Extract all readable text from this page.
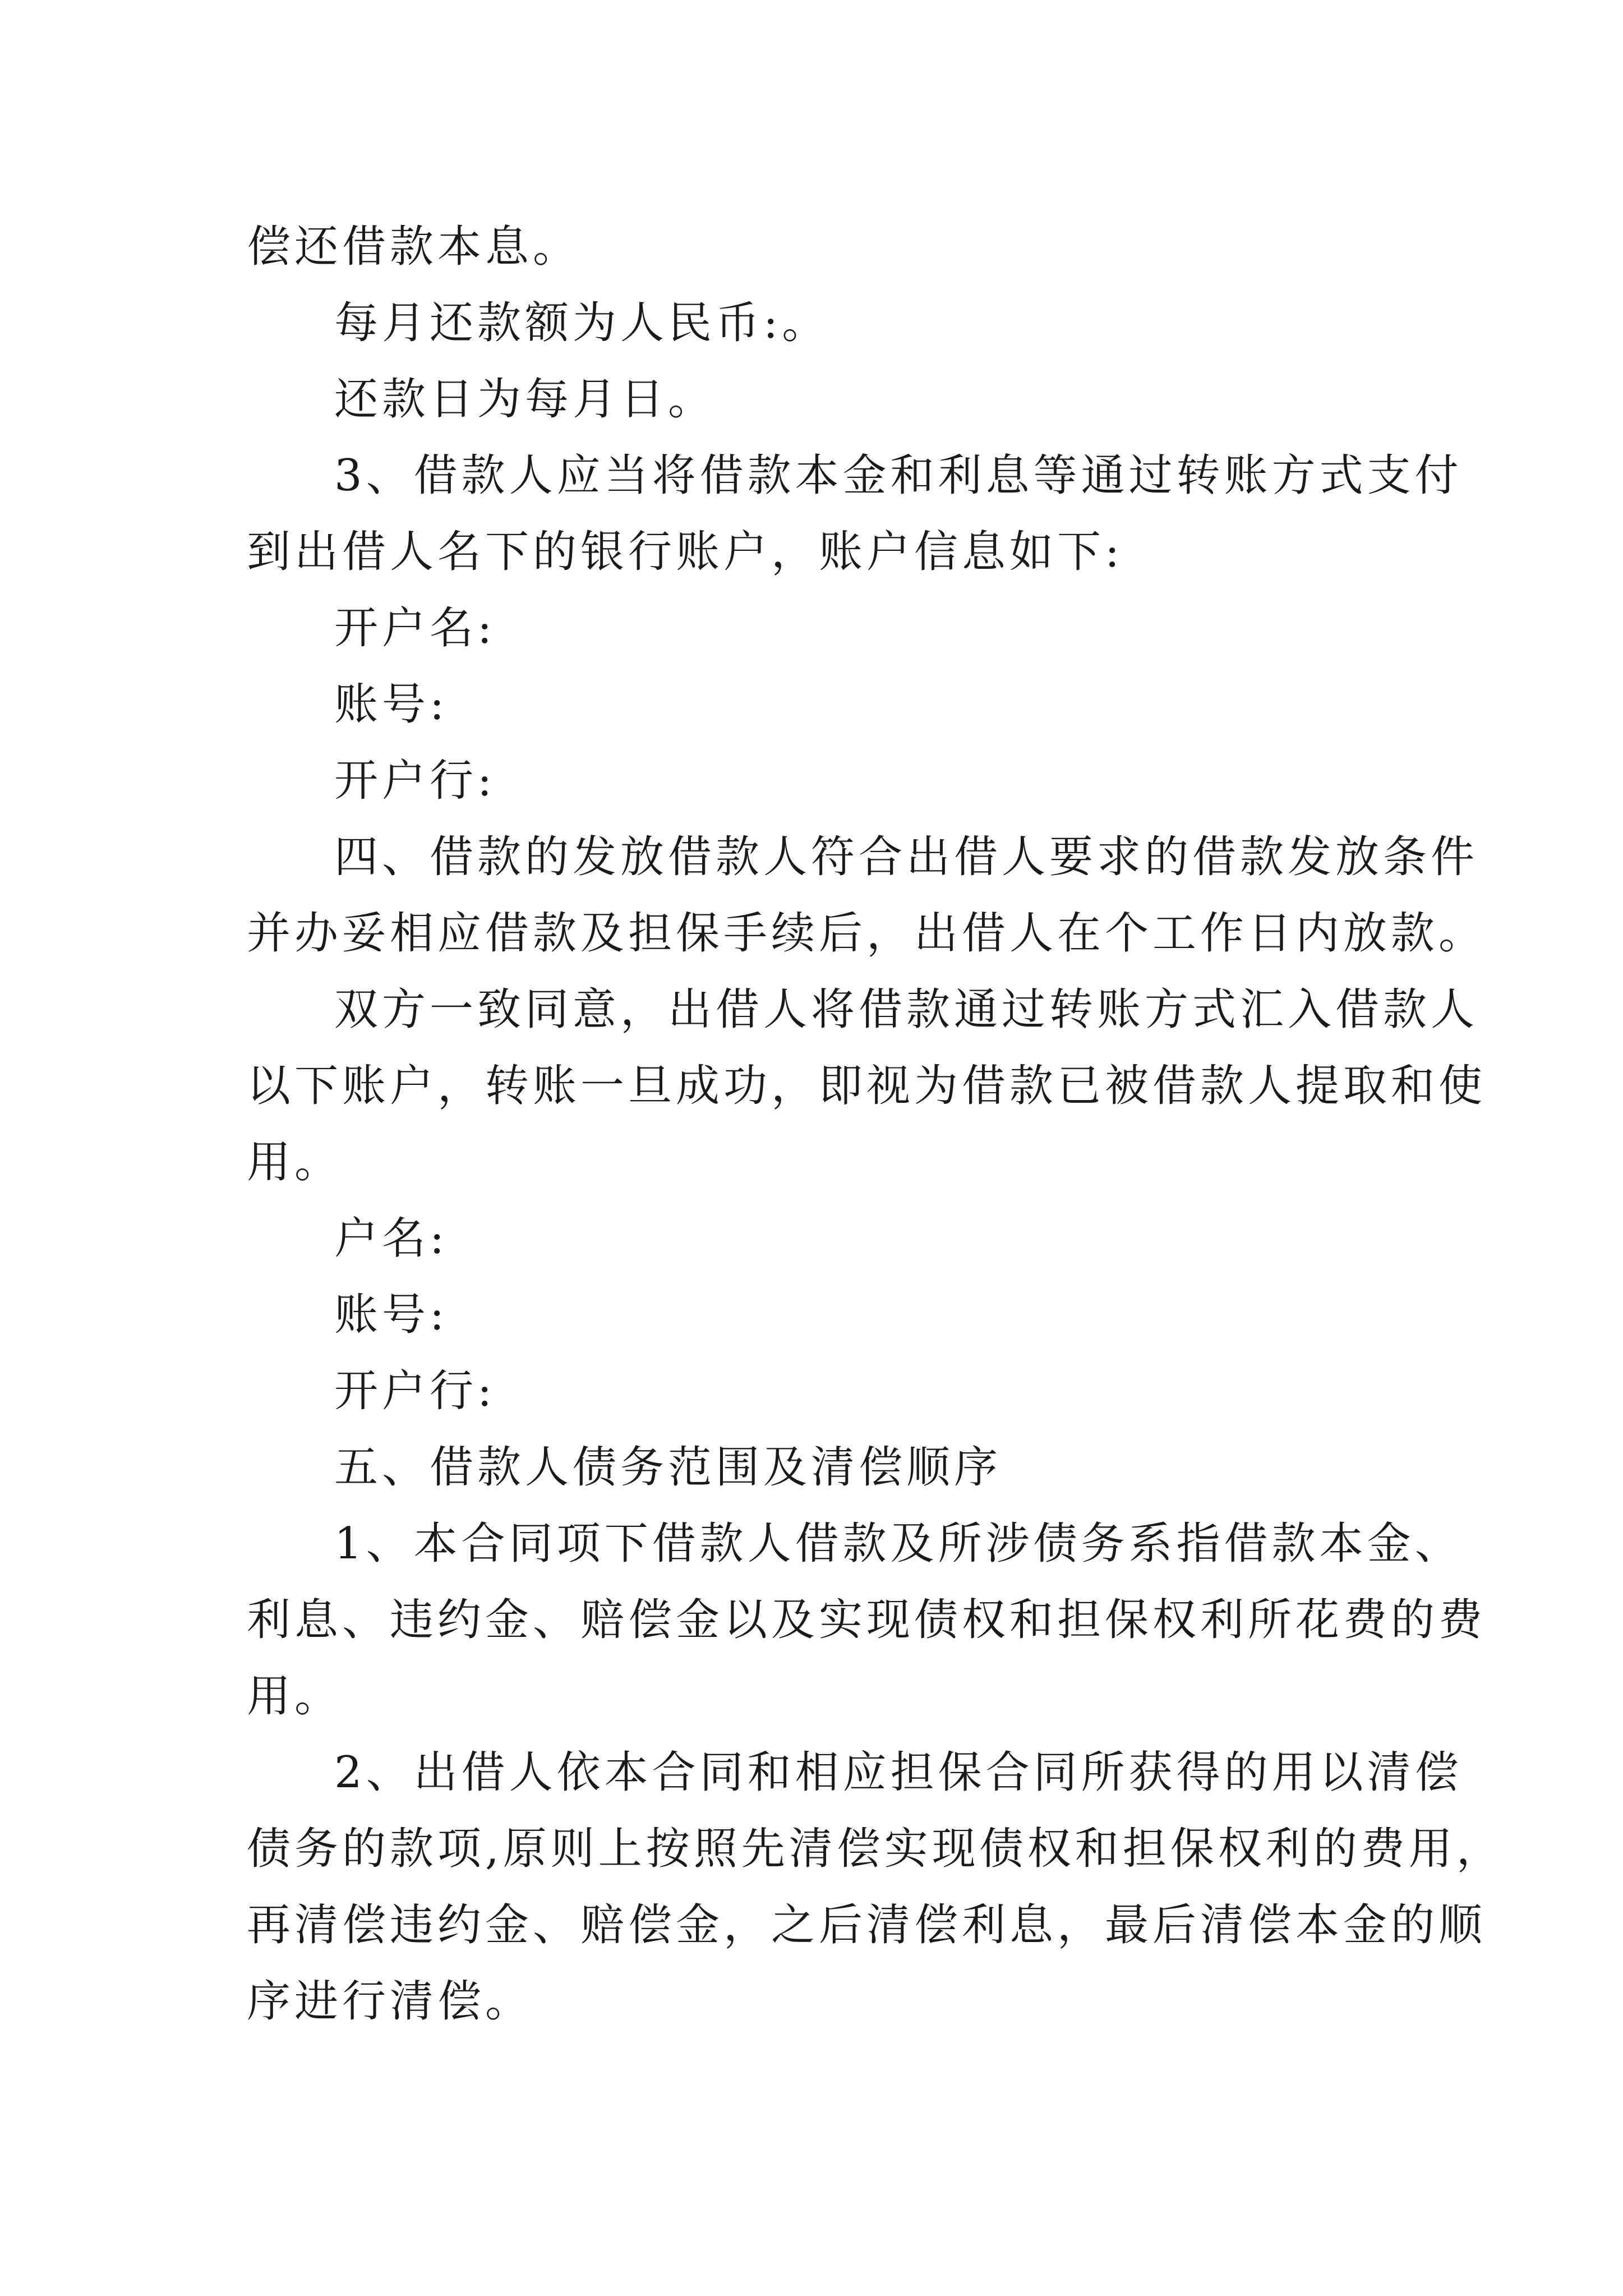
偿还借款本息。

每月还款额为人民币:。

还款日为每月日。

3、借款人应当将借款本金和利息等通过转账方式支付

到出借人名下的银行账户，账户信息如下:

开户名:

账号:

开户行:

四、借款的发放借款人符合出借人要求的借款发放条件

并办妥相应借款及担保手续后，出借人在个工作日内放款。

双方一致同意，出借人将借款通过转账方式汇入借款人

以下账户，转账一旦成功，即视为借款已被借款人提取和使

用。

户名:

账号:

开户行:

五、借款人债务范围及清偿顺序

1、本合同项下借款人借款及所涉债务系指借款本金、

利息、违约金、赔偿金以及实现债权和担保权利所花费的费

用。

2、出借人依本合同和相应担保合同所获得的用以清偿

债务的款项,原则上按照先清偿实现债权和担保权利的费用，

再清偿违约金、赔偿金，之后清偿利息，最后清偿本金的顺

序进行清偿。
